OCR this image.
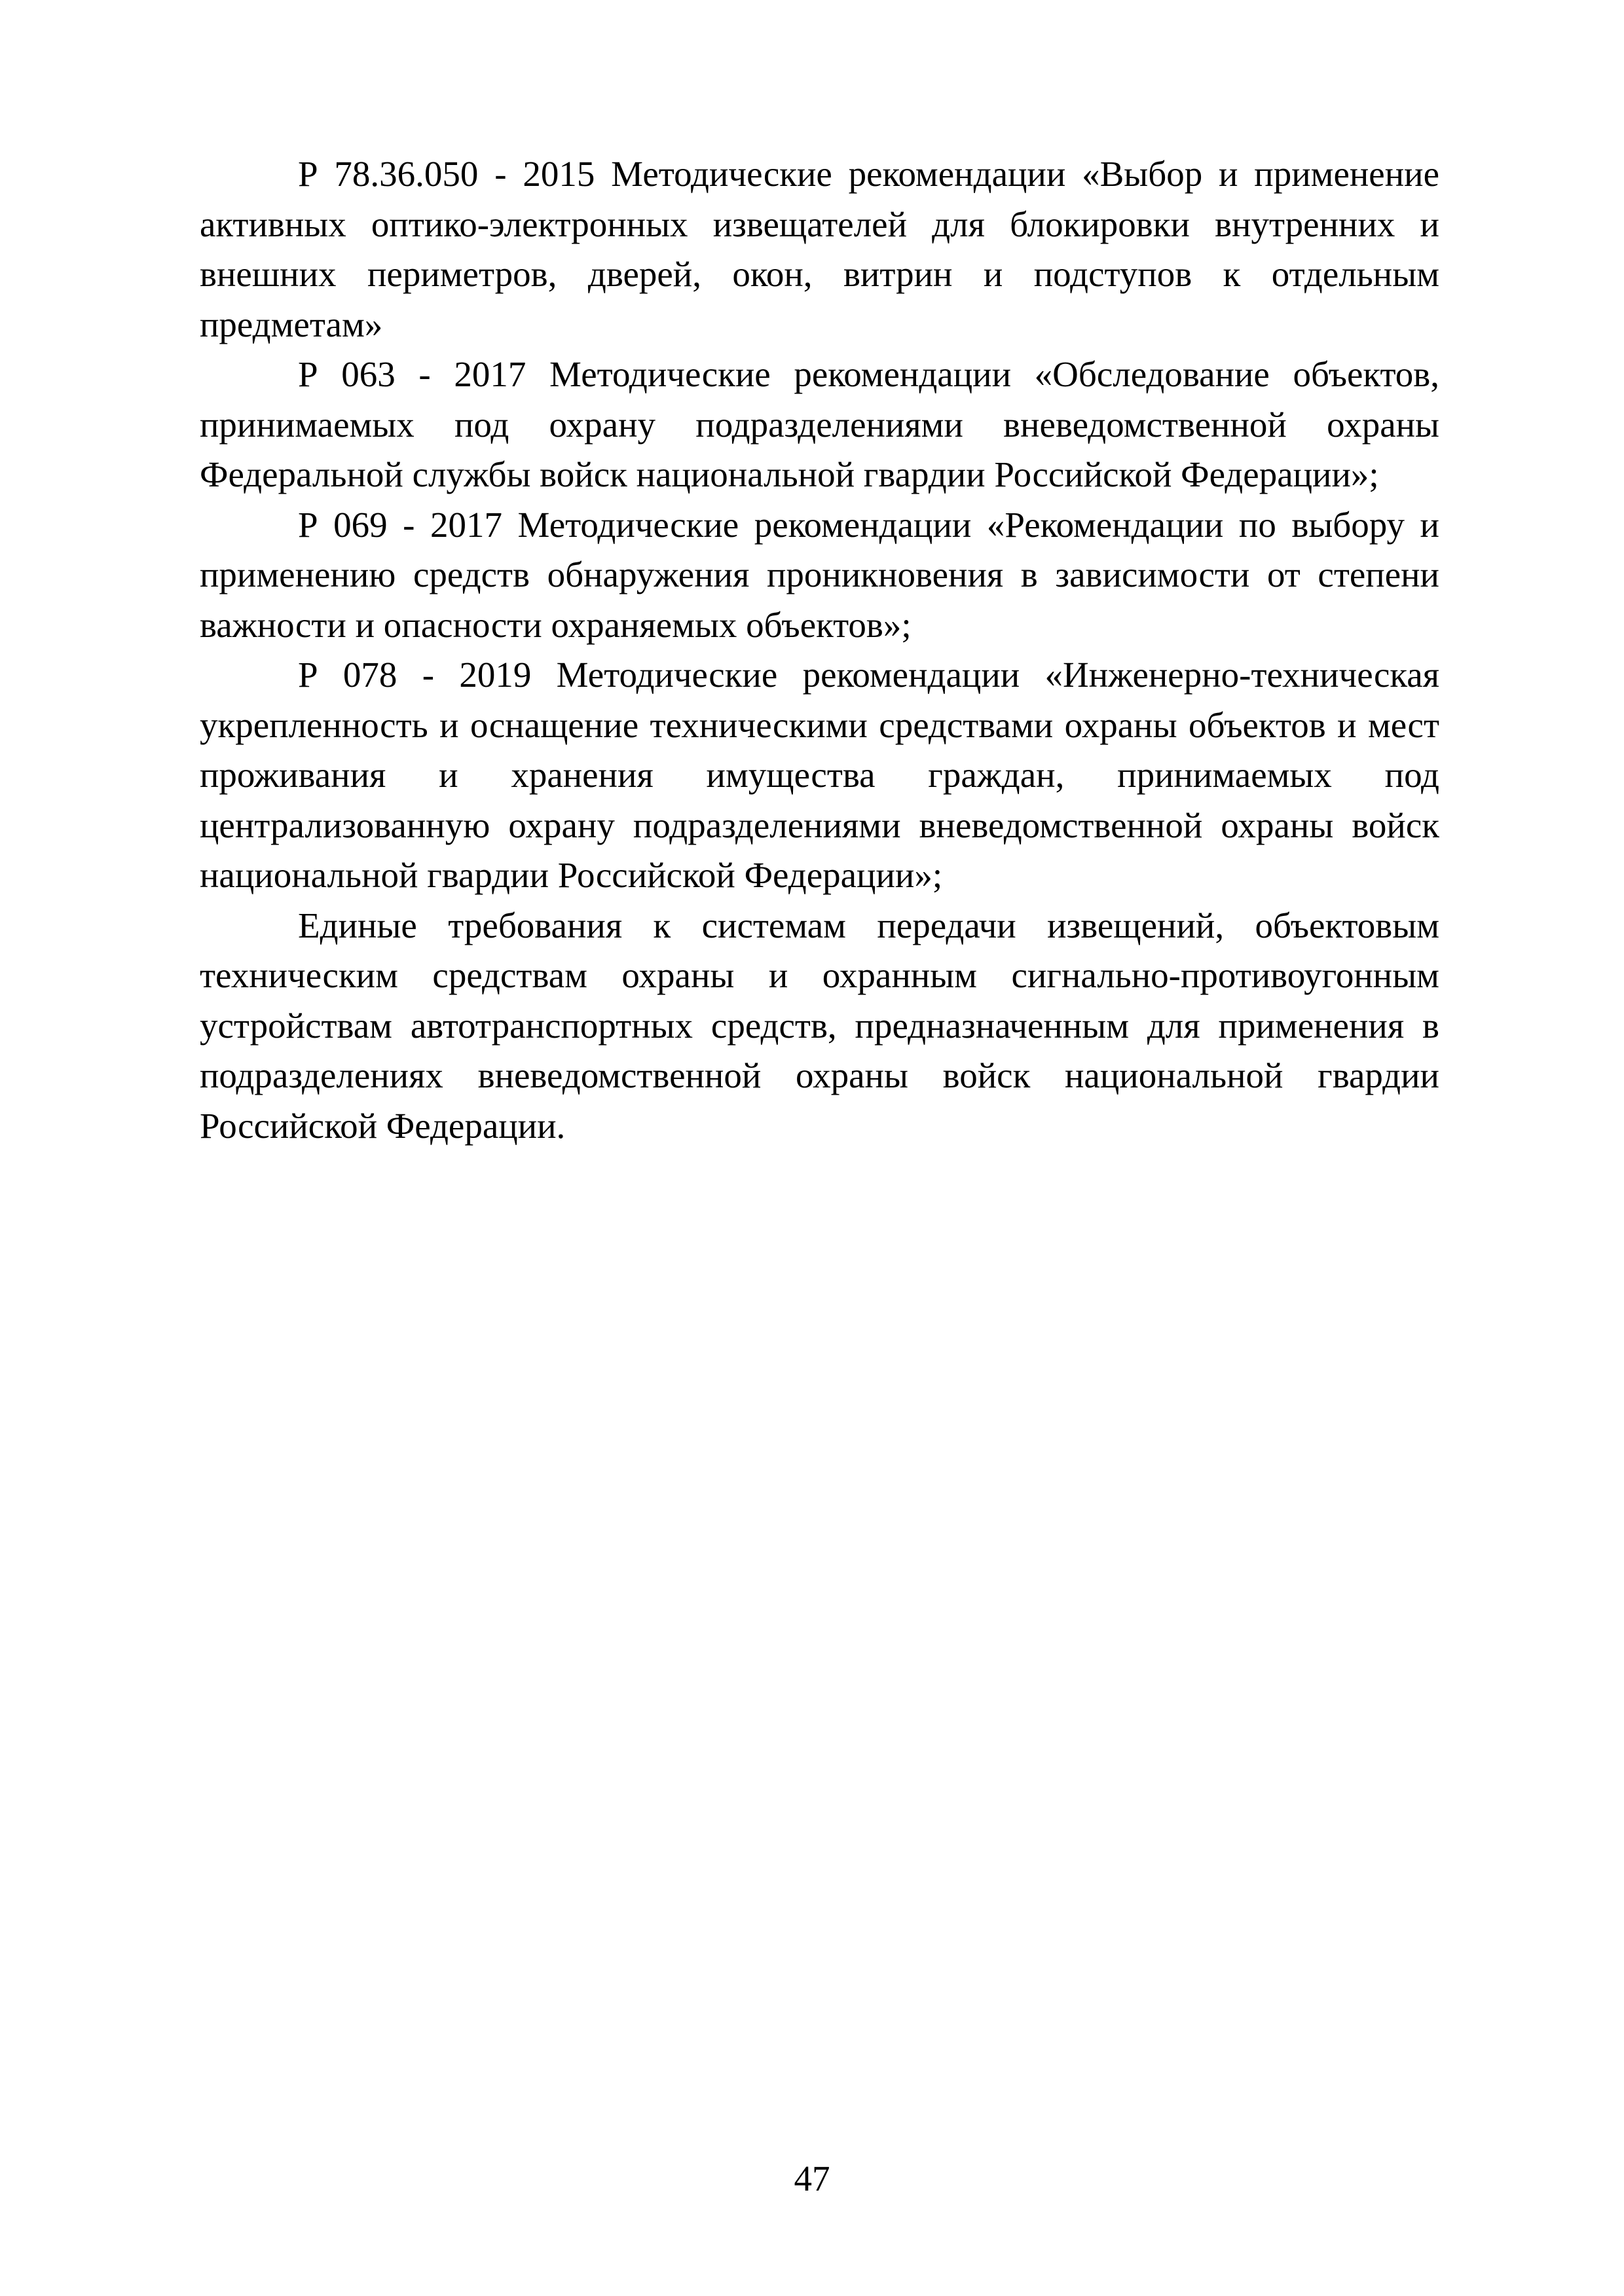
Р 78.36.050 - 2015 Методические рекомендации «Выбор и применение активных оптико-электронных извещателей для блокировки внутренних и внешних периметров, дверей, окон, витрин и подступов к отдельным предметам»

Р 063 - 2017 Методические рекомендации «Обследование объектов, принимаемых под охрану подразделениями вневедомственной охраны Федеральной службы войск национальной гвардии Российской Федерации»;

Р 069 - 2017 Методические рекомендации «Рекомендации по выбору и применению средств обнаружения проникновения в зависимости от степени важности и опасности охраняемых объектов»;

Р 078 - 2019 Методические рекомендации «Инженерно-техническая укрепленность и оснащение техническими средствами охраны объектов и мест проживания и хранения имущества граждан, принимаемых под централизованную охрану подразделениями вневедомственной охраны войск национальной гвардии Российской Федерации»;

Единые требования к системам передачи извещений, объектовым техническим средствам охраны и охранным сигнально-противоугонным устройствам автотранспортных средств, предназначенным для применения в подразделениях вневедомственной охраны войск национальной гвардии Российской Федерации.

47
